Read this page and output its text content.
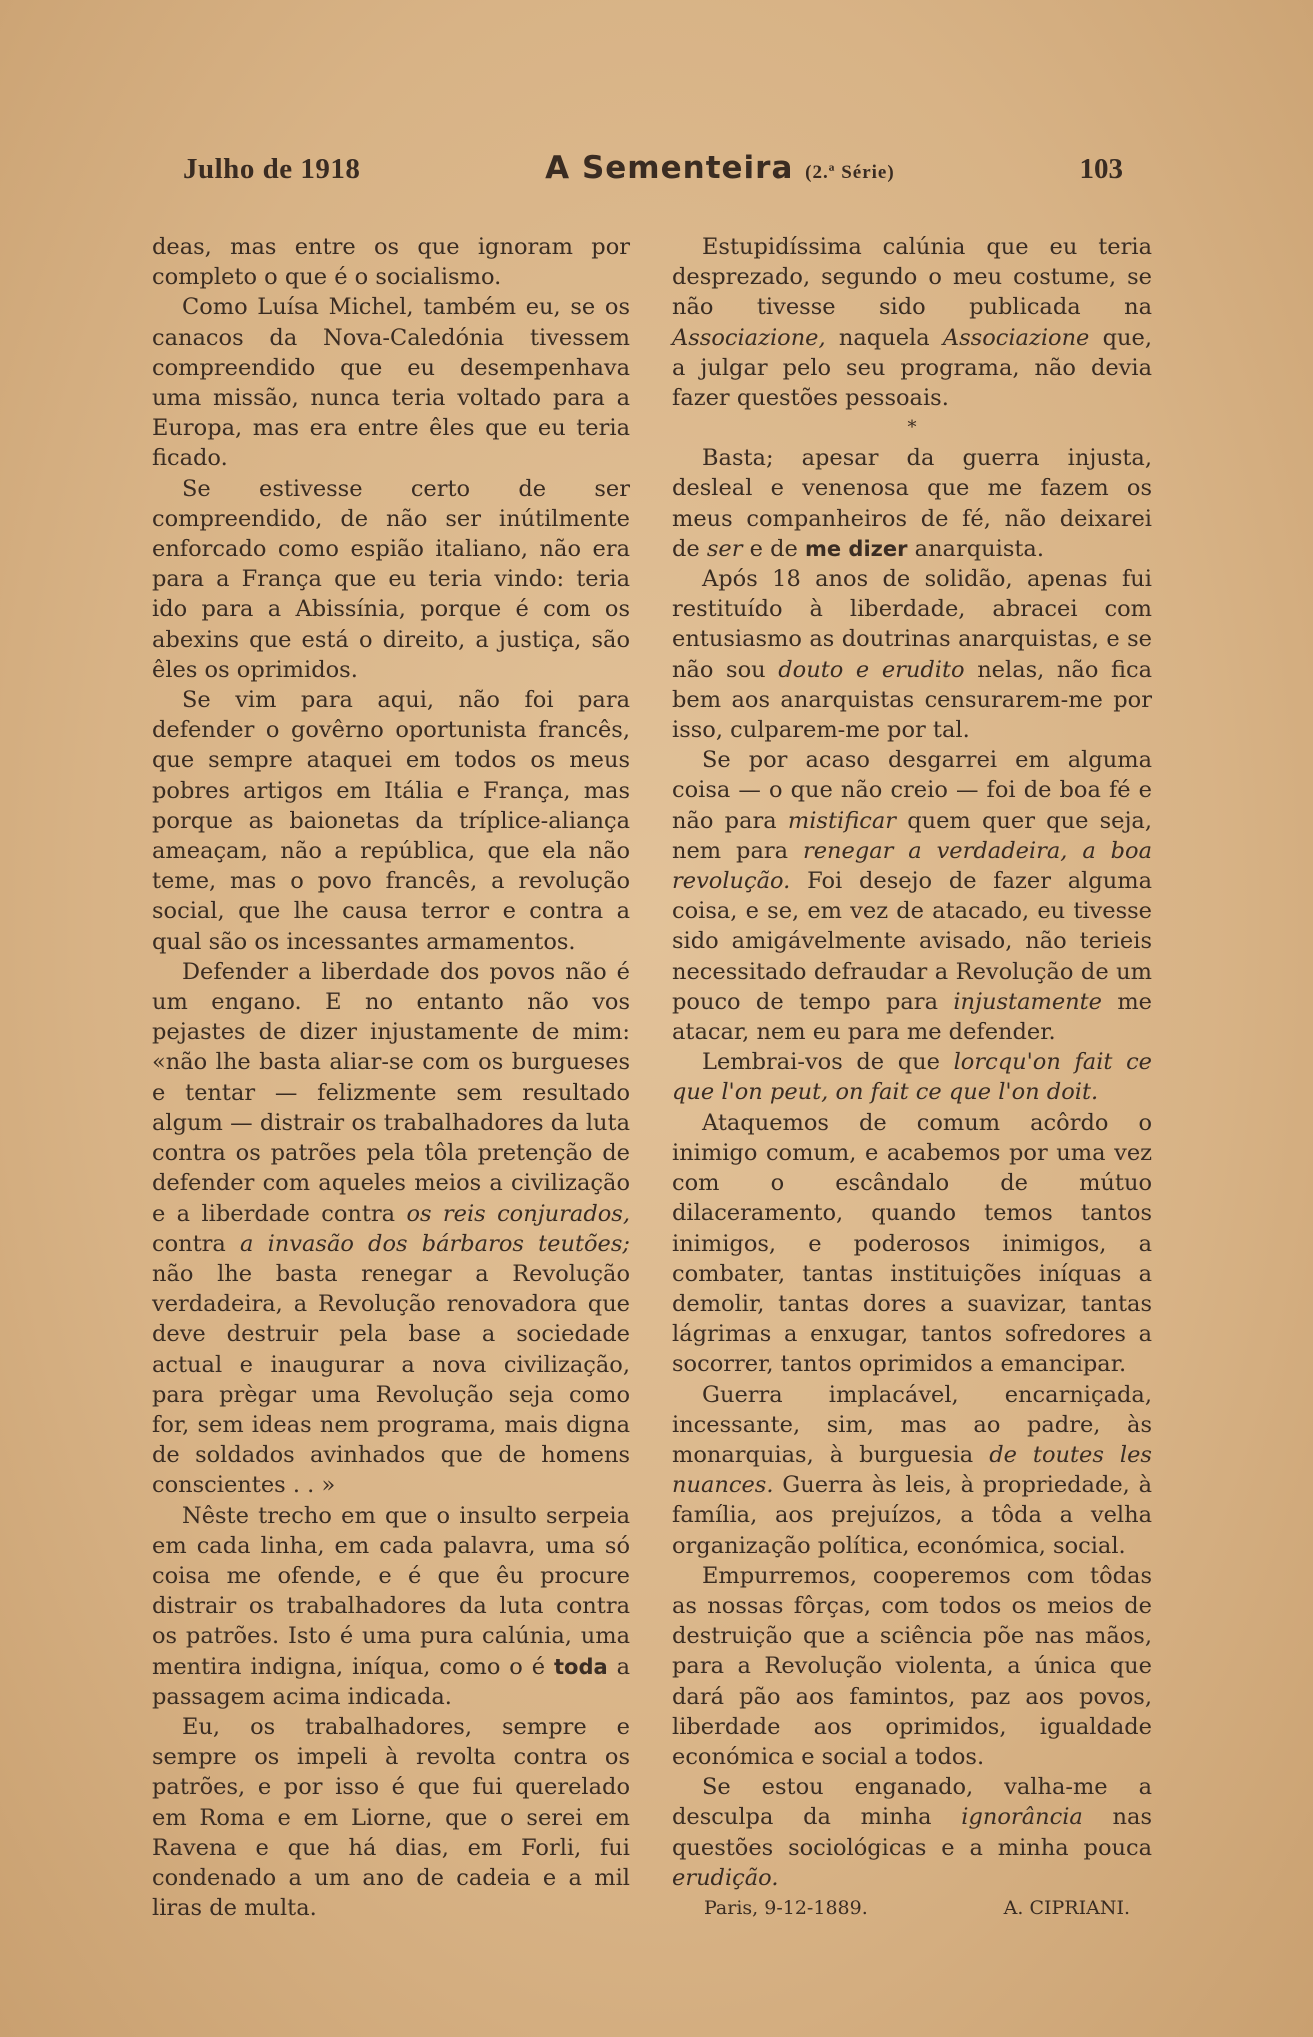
Julho de 1918	A Sementeira (2.ª Série)	103

deas, mas entre os que ignoram por completo o que é o socialismo.

Como Luísa Michel, também eu, se os canacos da Nova-Caledónia tivessem compreendido que eu desempenhava uma missão, nunca teria voltado para a Europa, mas era entre êles que eu teria ficado.

Se estivesse certo de ser compreendido, de não ser inútilmente enforcado como espião italiano, não era para a França que eu teria vindo: teria ido para a Abissínia, porque é com os abexins que está o direito, a justiça, são êles os oprimidos.

Se vim para aqui, não foi para defender o govêrno oportunista francês, que sempre ataquei em todos os meus pobres artigos em Itália e França, mas porque as baionetas da tríplice-aliança ameaçam, não a república, que ela não teme, mas o povo francês, a revolução social, que lhe causa terror e contra a qual são os incessantes armamentos.

Defender a liberdade dos povos não é um engano. E no entanto não vos pejastes de dizer injustamente de mim: «não lhe basta aliar-se com os burgueses e tentar — felizmente sem resultado algum — distrair os trabalhadores da luta contra os patrões pela tôla pretenção de defender com aqueles meios a civilização e a liberdade contra os reis conjurados, contra a invasão dos bárbaros teutões; não lhe basta renegar a Revolução verdadeira, a Revolução renovadora que deve destruir pela base a sociedade actual e inaugurar a nova civilização, para prègar uma Revolução seja como for, sem ideas nem programa, mais digna de soldados avinhados que de homens conscientes . . »

Nêste trecho em que o insulto serpeia em cada linha, em cada palavra, uma só coisa me ofende, e é que êu procure distrair os trabalhadores da luta contra os patrões. Isto é uma pura calúnia, uma mentira indigna, iníqua, como o é toda a passagem acima indicada.

Eu, os trabalhadores, sempre e sempre os impeli à revolta contra os patrões, e por isso é que fui querelado em Roma e em Liorne, que o serei em Ravena e que há dias, em Forli, fui condenado a um ano de cadeia e a mil liras de multa.

Estupidíssima calúnia que eu teria desprezado, segundo o meu costume, se não tivesse sido publicada na Associazione, naquela Associazione que, a julgar pelo seu programa, não devia fazer questões pessoais.

*

Basta; apesar da guerra injusta, desleal e venenosa que me fazem os meus companheiros de fé, não deixarei de ser e de me dizer anarquista.

Após 18 anos de solidão, apenas fui restituído à liberdade, abracei com entusiasmo as doutrinas anarquistas, e se não sou douto e erudito nelas, não fica bem aos anarquistas censurarem-me por isso, culparem-me por tal.

Se por acaso desgarrei em alguma coisa — o que não creio — foi de boa fé e não para mistificar quem quer que seja, nem para renegar a verdadeira, a boa revolução. Foi desejo de fazer alguma coisa, e se, em vez de atacado, eu tivesse sido amigávelmente avisado, não terieis necessitado defraudar a Revolução de um pouco de tempo para injustamente me atacar, nem eu para me defender.

Lembrai-vos de que lorcqu'on fait ce que l'on peut, on fait ce que l'on doit.

Ataquemos de comum acôrdo o inimigo comum, e acabemos por uma vez com o escândalo de mútuo dilaceramento, quando temos tantos inimigos, e poderosos inimigos, a combater, tantas instituições iníquas a demolir, tantas dores a suavizar, tantas lágrimas a enxugar, tantos sofredores a socorrer, tantos oprimidos a emancipar.

Guerra implacável, encarniçada, incessante, sim, mas ao padre, às monarquias, à burguesia de toutes les nuances. Guerra às leis, à propriedade, à família, aos prejuízos, a tôda a velha organização política, económica, social.

Empurremos, cooperemos com tôdas as nossas fôrças, com todos os meios de destruição que a sciência põe nas mãos, para a Revolução violenta, a única que dará pão aos famintos, paz aos povos, liberdade aos oprimidos, igualdade económica e social a todos.

Se estou enganado, valha-me a desculpa da minha ignorância nas questões sociológicas e a minha pouca erudição.

Paris, 9-12-1889.	A. CIPRIANI.
